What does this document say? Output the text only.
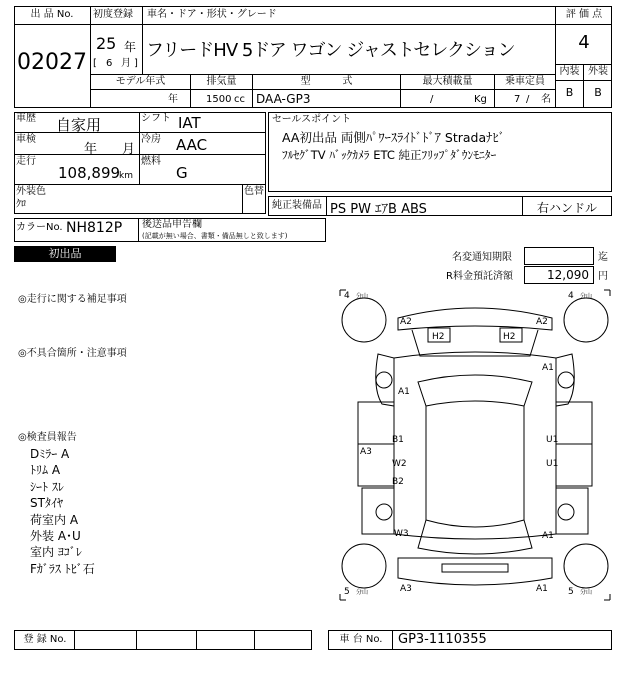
出 品 No.
02027
初度登録 車名・ドア・形状・グレード
25 年
[ 6 月 ]
フリードHV 5ドア ワゴン ジャストセレクション
評 価 点
4
内装 外装
B	B
モデル年式	排気量	型          式	最大積載量	乗車定員
年	1500 cc DAA-GP3	/	Kg	7 / 名
車歴 自家用	シフト IAT
車検
年 月
冷房 AAC
走行
108,899
km
燃料
G
外装色
ｸﾛ
色替
セールスポイント
AA初出品 両側ﾊﾟﾜｰｽﾗｲﾄﾞﾄﾞｱ Stradaﾅﾋﾞ
ﾌﾙｾｸﾞTV ﾊﾞｯｸｶﾒﾗ ETC 純正ﾌﾘｯﾌﾟﾀﾞｳﾝﾓﾆﾀｰ
純正装備品 PS PW ｴｱB ABS	右ハンドル
カラーNo. NH812P 後送品申告欄
(記載が無い場合、書類・備品無しと致します)
初出品	名変通知期限	迄
R料金預託済額	12,090 円
◎走行に関する補足事項
◎不具合箇所・注意事項
◎検査員報告
Dﾐﾗｰ A
ﾄﾘﾑ A
ｼｰﾄ ｽﾚ
STﾀｲﾔ
荷室内 A
外装 A･U
室内 ﾖｺﾞﾚ
Fｶﾞﾗｽ ﾄﾋﾞ石
4 分山	4 分山
5 分山	5 分山
A2	A2
H2	H2
A1
A1
B1	U1
A3
W2	U1
B2
W3	A1
A3	A1
登 録 No.	車 台 No.	GP3-1110355
